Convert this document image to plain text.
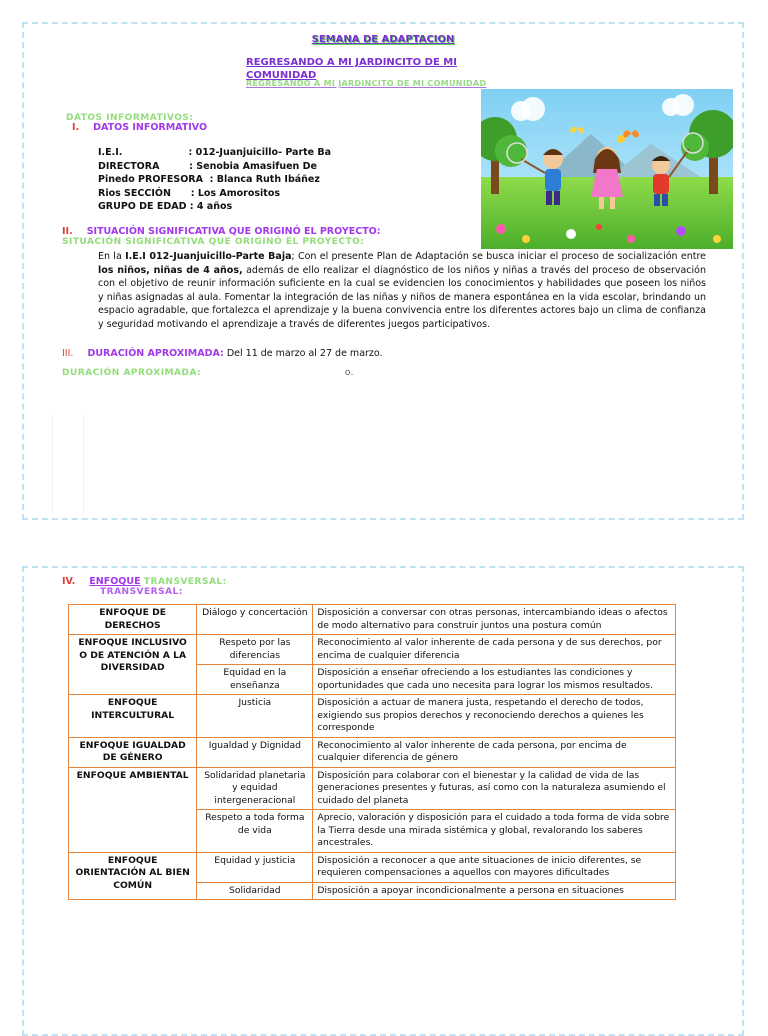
SEMANA DE ADAPTACION
REGRESANDO A MI JARDINCITO DE MI COMUNIDAD
REGRESANDO A MI JARDINCITO DE MI COMUNIDAD
DATOS INFORMATIVOS:
I. DATOS INFORMATIVO
I.E.I.                    : 012-Juanjuicillo- Parte Ba
DIRECTORA         : Senobia Amasifuen De
Pinedo PROFESORA  : Blanca Ruth Ibáñez
Rios SECCIÓN      : Los Amorositos
GRUPO DE EDAD : 4 años
II. SITUACIÓN SIGNIFICATIVA QUE ORIGINÓ EL PROYECTO:
SITUACIÓN SIGNIFICATIVA QUE ORIGINÓ EL PROYECTO:
En la I.E.I 012-Juanjuicillo-Parte Baja; Con el presente Plan de Adaptación se busca iniciar el proceso de socialización entre los niños, niñas de 4 años, además de ello realizar el diagnóstico de los niños y niñas a través del proceso de observación con el objetivo de reunir información suficiente en la cual se evidencien los conocimientos y habilidades que poseen los niños y niñas asignadas al aula. Fomentar la integración de las niñas y niños de manera espontánea en la vida escolar, brindando un espacio agradable, que fortalezca el aprendizaje y la buena convivencia entre los diferentes actores bajo un clima de confianza y seguridad motivando el aprendizaje a través de diferentes juegos participativos.
III. DURACIÓN APROXIMADA: Del 11 de marzo al 27 de marzo.
DURACIÓN APROXIMADA:	o.
IV. ENFOQUE TRANSVERSAL:
TRANSVERSAL:
ENFOQUE DE DERECHOS	Diálogo y concertación	Disposición a conversar con otras personas, intercambiando ideas o afectos de modo alternativo para construir juntos una postura común
ENFOQUE INCLUSIVO O DE ATENCIÓN A LA DIVERSIDAD	Respeto por las diferencias	Reconocimiento al valor inherente de cada persona y de sus derechos, por encima de cualquier diferencia
	Equidad en la enseñanza	Disposición a enseñar ofreciendo a los estudiantes las condiciones y oportunidades que cada uno necesita para lograr los mismos resultados.
ENFOQUE INTERCULTURAL	Justicia	Disposición a actuar de manera justa, respetando el derecho de todos, exigiendo sus propios derechos y reconociendo derechos a quienes les corresponde
ENFOQUE IGUALDAD DE GÉNERO	Igualdad y Dignidad	Reconocimiento al valor inherente de cada persona, por encima de cualquier diferencia de género
ENFOQUE AMBIENTAL	Solidaridad planetaria y equidad intergeneracional	Disposición para colaborar con el bienestar y la calidad de vida de las generaciones presentes y futuras, así como con la naturaleza asumiendo el cuidado del planeta
	Respeto a toda forma de vida	Aprecio, valoración y disposición para el cuidado a toda forma de vida sobre la Tierra desde una mirada sistémica y global, revalorando los saberes ancestrales.
ENFOQUE ORIENTACIÓN AL BIEN COMÚN	Equidad y justicia	Disposición a reconocer a que ante situaciones de inicio diferentes, se requieren compensaciones a aquellos con mayores dificultades
	Solidaridad	Disposición a apoyar incondicionalmente a persona en situaciones
